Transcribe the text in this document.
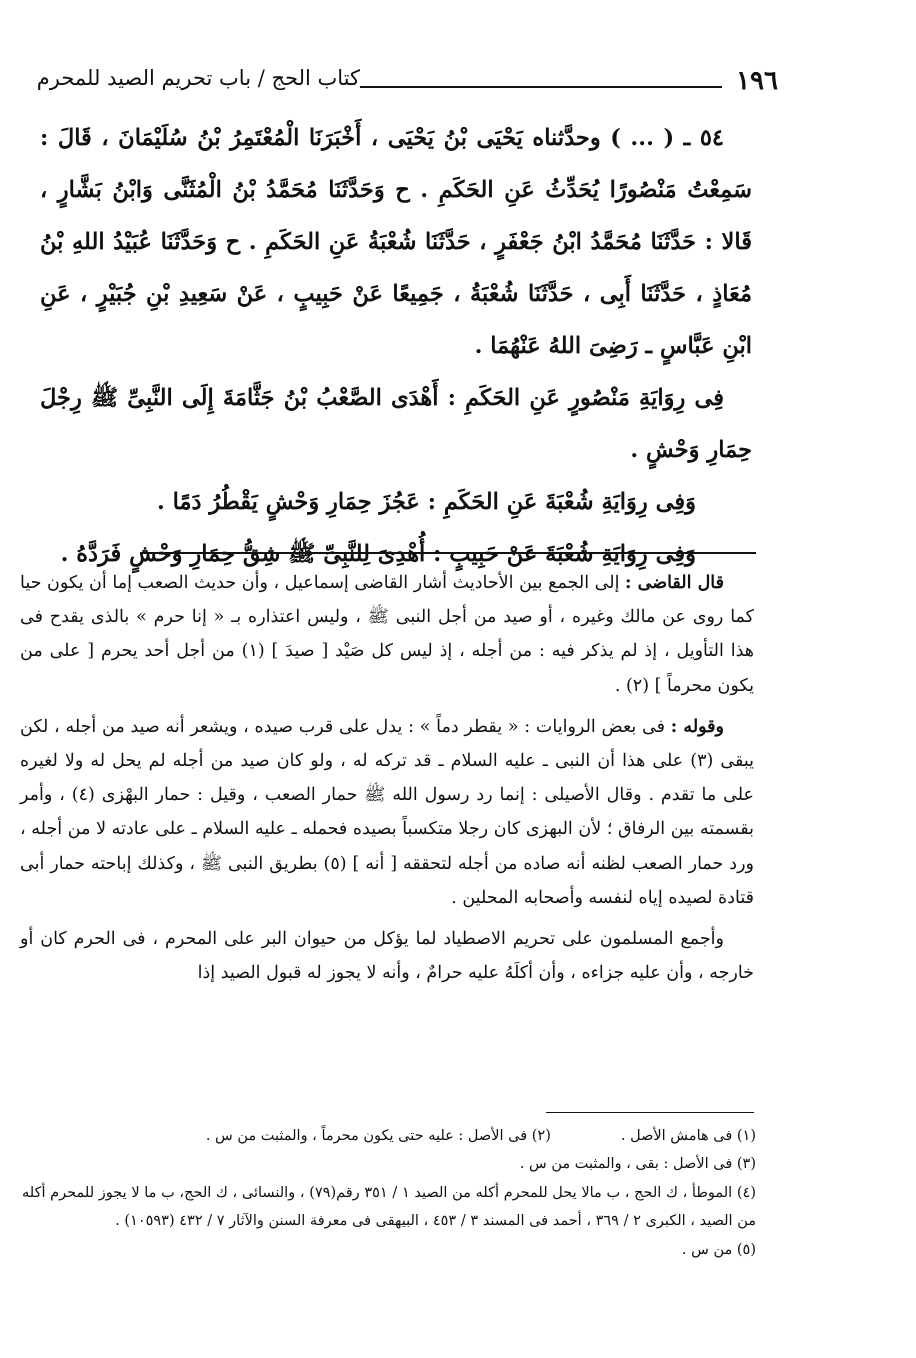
١٩٦
كتاب الحج / باب تحريم الصيد للمحرم

٥٤ ـ ( ... ) وحدَّثناه يَحْيَى بْنُ يَحْيَى ، أَخْبَرَنَا الْمُعْتَمِرُ بْنُ سُلَيْمَانَ ، قَالَ : سَمِعْتُ مَنْصُورًا يُحَدِّثُ عَنِ الحَكَمِ . ح وَحَدَّثَنَا مُحَمَّدُ بْنُ الْمُثَنَّى وَابْنُ بَشَّارٍ ، قَالا : حَدَّثَنَا مُحَمَّدُ ابْنُ جَعْفَرٍ ، حَدَّثَنَا شُعْبَةُ عَنِ الحَكَمِ . ح وَحَدَّثَنَا عُبَيْدُ اللهِ بْنُ مُعَاذٍ ، حَدَّثَنَا أَبِى ، حَدَّثَنَا شُعْبَةُ ، جَمِيعًا عَنْ حَبِيبٍ ، عَنْ سَعِيدِ بْنِ جُبَيْرٍ ، عَنِ ابْنِ عَبَّاسٍ ـ رَضِىَ اللهُ عَنْهُمَا .

فِى رِوَايَةِ مَنْصُورٍ عَنِ الحَكَمِ : أَهْدَى الصَّعْبُ بْنُ جَثَّامَةَ إِلَى النَّبِىِّ ﷺ رِجْلَ حِمَارِ وَحْشٍ .

وَفِى رِوَايَةِ شُعْبَةَ عَنِ الحَكَمِ : عَجُزَ حِمَارِ وَحْشٍ يَقْطُرُ دَمًا .

وَفِى رِوَايَةِ شُعْبَةَ عَنْ حَبِيبٍ : أُهْدِىَ لِلنَّبِىِّ ﷺ شِقُّ حِمَارِ وَحْشٍ فَرَدَّهُ .

قال القاضى : إلى الجمع بين الأحاديث أشار القاضى إسماعيل ، وأن حديث الصعب إما أن يكون حيا كما روى عن مالك وغيره ، أو صيد من أجل النبى ﷺ ، وليس اعتذاره بـ « إنا حرم » بالذى يقدح فى هذا التأويل ، إذ لم يذكر فيه : من أجله ، إذ ليس كل صَيْد [ صيدَ ] (١) من أجل أحد يحرم [ على من يكون محرماً ] (٢) .

وقوله : فى بعض الروايات : « يقطر دماً » : يدل على قرب صيده ، ويشعر أنه صيد من أجله ، لكن يبقى (٣) على هذا أن النبى ـ عليه السلام ـ قد تركه له ، ولو كان صيد من أجله لم يحل له ولا لغيره على ما تقدم . وقال الأصيلى : إنما رد رسول الله ﷺ حمار الصعب ، وقيل : حمار البهْزى (٤) ، وأمر بقسمته بين الرفاق ؛ لأن البهزى كان رجلا متكسباً بصيده فحمله ـ عليه السلام ـ على عادته لا من أجله ، ورد حمار الصعب لظنه أنه صاده من أجله لتحققه [ أنه ] (٥) بطريق النبى ﷺ ، وكذلك إباحته حمار أبى قتادة لصيده إياه لنفسه وأصحابه المحلين .

وأجمع المسلمون على تحريم الاصطياد لما يؤكل من حيوان البر على المحرم ، فى الحرم كان أو خارجه ، وأن عليه جزاءه ، وأن أكلَهُ عليه حرامٌ ، وأنه لا يجوز له قبول الصيد إذا

(١) فى هامش الأصل .
(٢) فى الأصل : عليه حتى يكون محرماً ، والمثبت من س .
(٣) فى الأصل : بقى ، والمثبت من س .
(٤) الموطأ ، ك الحج ، ب مالا يحل للمحرم أكله من الصيد ١ / ٣٥١ رقم(٧٩) ، والنسائى ، ك الحج، ب ما لا يجوز للمحرم أكله من الصيد ، الكبرى ٢ / ٣٦٩ ، أحمد فى المسند ٣ / ٤٥٣ ، البيهقى فى معرفة السنن والآثار ٧ / ٤٣٢ (١٠٥٩٣) .
(٥) من س .
